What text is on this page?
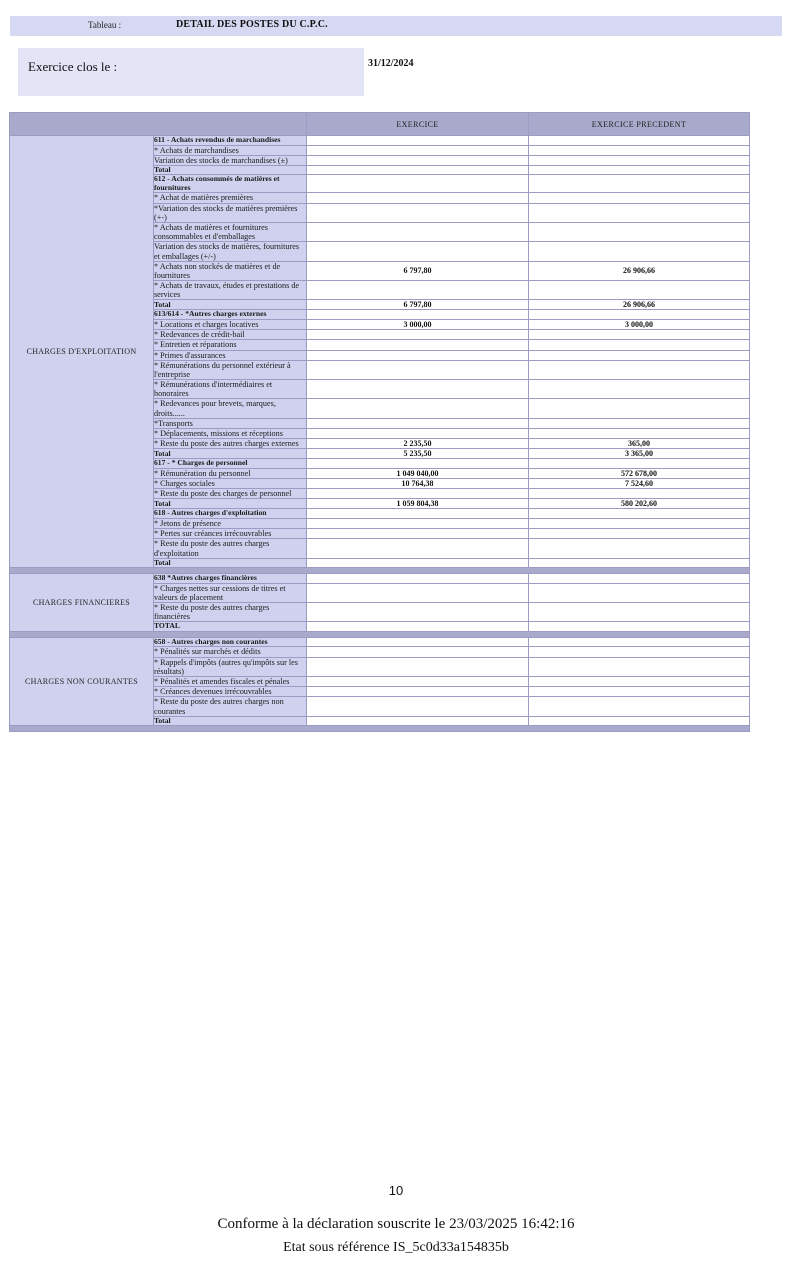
Tableau :	DETAIL DES POSTES DU C.P.C.
Exercice clos le :	31/12/2024
		EXERCICE	EXERCICE PRECEDENT
CHARGES D'EXPLOITATION	611 - Achats revendus de marchandises		
	* Achats de marchandises		
	Variation des stocks de marchandises (±)		
	Total		
	612 - Achats consommés de matières et fournitures		
	* Achat de matières premières		
	*Variation des stocks de matières premières (+-)		
	* Achats de matières et fournitures consommables et d'emballages		
	Variation des stocks de matières, fournitures et emballages (+/-)		
	* Achats non stockés de matières et de fournitures	6 797,80	26 906,66
	* Achats de travaux, études et prestations de services		
	Total	6 797,80	26 906,66
	613/614 - *Autres charges externes		
	* Locations et charges locatives	3 000,00	3 000,00
	* Redevances de crédit-bail		
	* Entretien et réparations		
	* Primes d'assurances		
	* Rémunérations du personnel extérieur à l'entreprise		
	* Rémunérations d'intermédiaires et honoraires		
	* Redevances pour brevets, marques, droits......		
	*Transports		
	* Déplacements, missions et réceptions		
	* Reste du poste des autres charges externes	2 235,50	365,00
	Total	5 235,50	3 365,00
	617 - * Charges de personnel		
	* Rémunération du personnel	1 049 040,00	572 678,00
	* Charges sociales	10 764,38	7 524,60
	* Reste du poste des charges de personnel		
	Total	1 059 804,38	580 202,60
	618 - Autres charges d'exploitation		
	* Jetons de présence		
	* Pertes sur créances irrécouvrables		
	* Reste du poste des autres charges d'exploitation		
	Total		

CHARGES FINANCIERES	638 *Autres charges financières		
	* Charges nettes sur cessions de titres et valeurs de placement		
	* Reste du poste des autres charges financières		
	TOTAL		

CHARGES NON COURANTES	658 - Autres charges non courantes		
	* Pénalités sur marchés et dédits		
	* Rappels d'impôts (autres qu'impôts sur les résultats)		
	* Pénalités et amendes fiscales et pénales		
	* Créances devenues irrécouvrables		
	* Reste du poste des autres charges non courantes		
	Total		

10
Conforme à la déclaration souscrite le 23/03/2025 16:42:16
Etat sous référence IS_5c0d33a154835b
